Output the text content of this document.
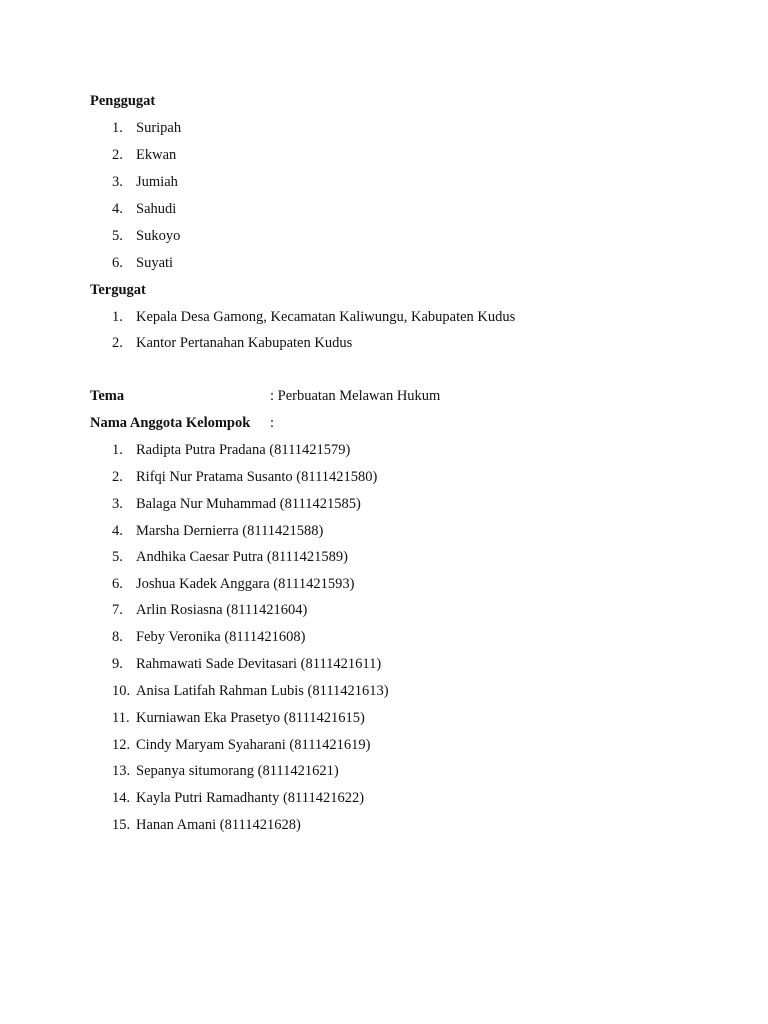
Penggugat
1. Suripah
2. Ekwan
3. Jumiah
4. Sahudi
5. Sukoyo
6. Suyati
Tergugat
1. Kepala Desa Gamong, Kecamatan Kaliwungu, Kabupaten Kudus
2. Kantor Pertanahan Kabupaten Kudus
Tema	: Perbuatan Melawan Hukum
Nama Anggota Kelompok :
1. Radipta Putra Pradana (8111421579)
2. Rifqi Nur Pratama Susanto (8111421580)
3. Balaga Nur Muhammad (8111421585)
4. Marsha Dernierra (8111421588)
5. Andhika Caesar Putra (8111421589)
6. Joshua Kadek Anggara (8111421593)
7. Arlin Rosiasna (8111421604)
8. Feby Veronika (8111421608)
9. Rahmawati Sade Devitasari (8111421611)
10. Anisa Latifah Rahman Lubis (8111421613)
11. Kurniawan Eka Prasetyo (8111421615)
12. Cindy Maryam Syaharani (8111421619)
13. Sepanya situmorang (8111421621)
14. Kayla Putri Ramadhanty (8111421622)
15. Hanan Amani (8111421628)
